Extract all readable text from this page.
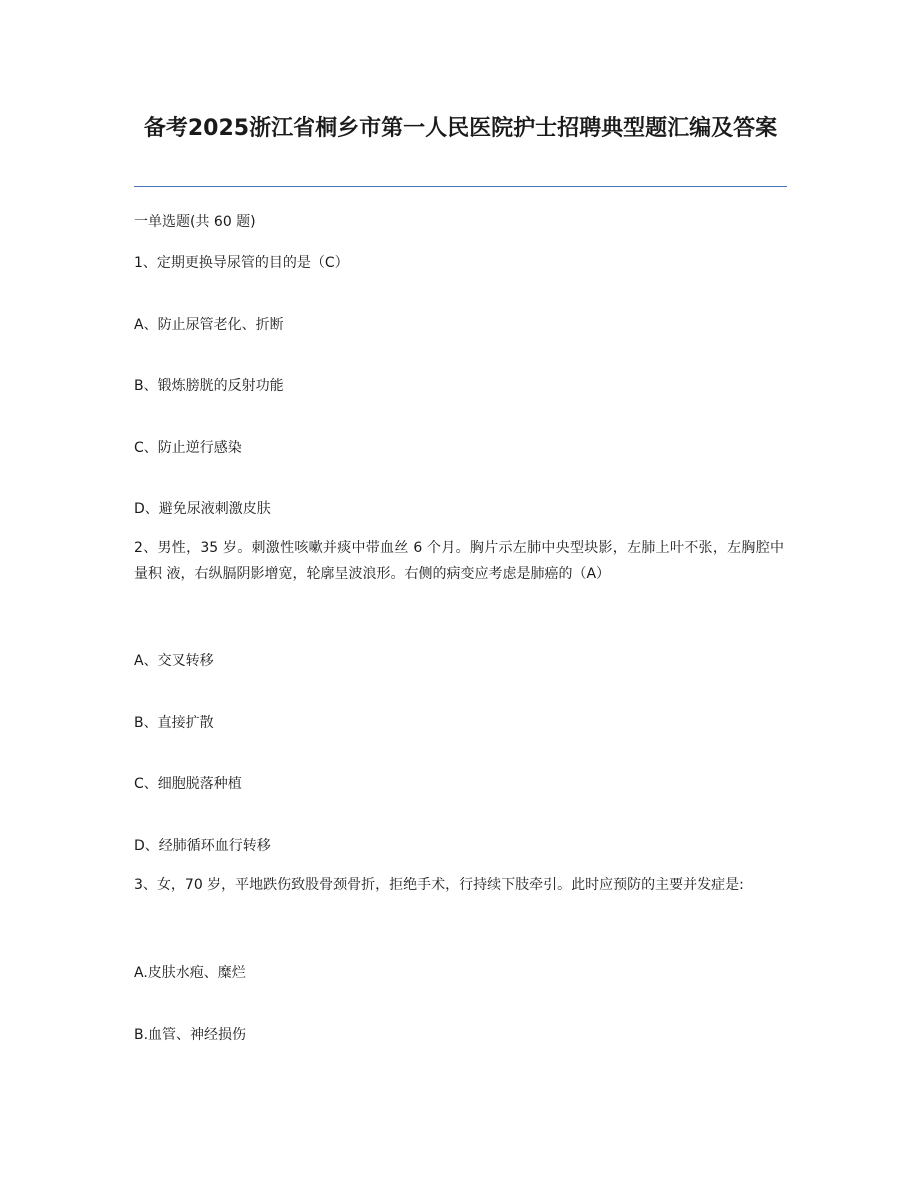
备考2025浙江省桐乡市第一人民医院护士招聘典型题汇编及答案
一单选题(共 60 题)
1、定期更换导尿管的目的是（C）
A、防止尿管老化、折断
B、锻炼膀胱的反射功能
C、防止逆行感染
D、避免尿液刺激皮肤
2、男性，35 岁。刺激性咳嗽并痰中带血丝 6 个月。胸片示左肺中央型块影，左肺上叶不张，左胸腔中量积 液，右纵膈阴影增宽，轮廓呈波浪形。右侧的病变应考虑是肺癌的（A）
A、交叉转移
B、直接扩散
C、细胞脱落种植
D、经肺循环血行转移
3、女，70 岁，平地跌伤致股骨颈骨折，拒绝手术，行持续下肢牵引。此时应预防的主要并发症是:
A.皮肤水疱、糜烂
B.血管、神经损伤
